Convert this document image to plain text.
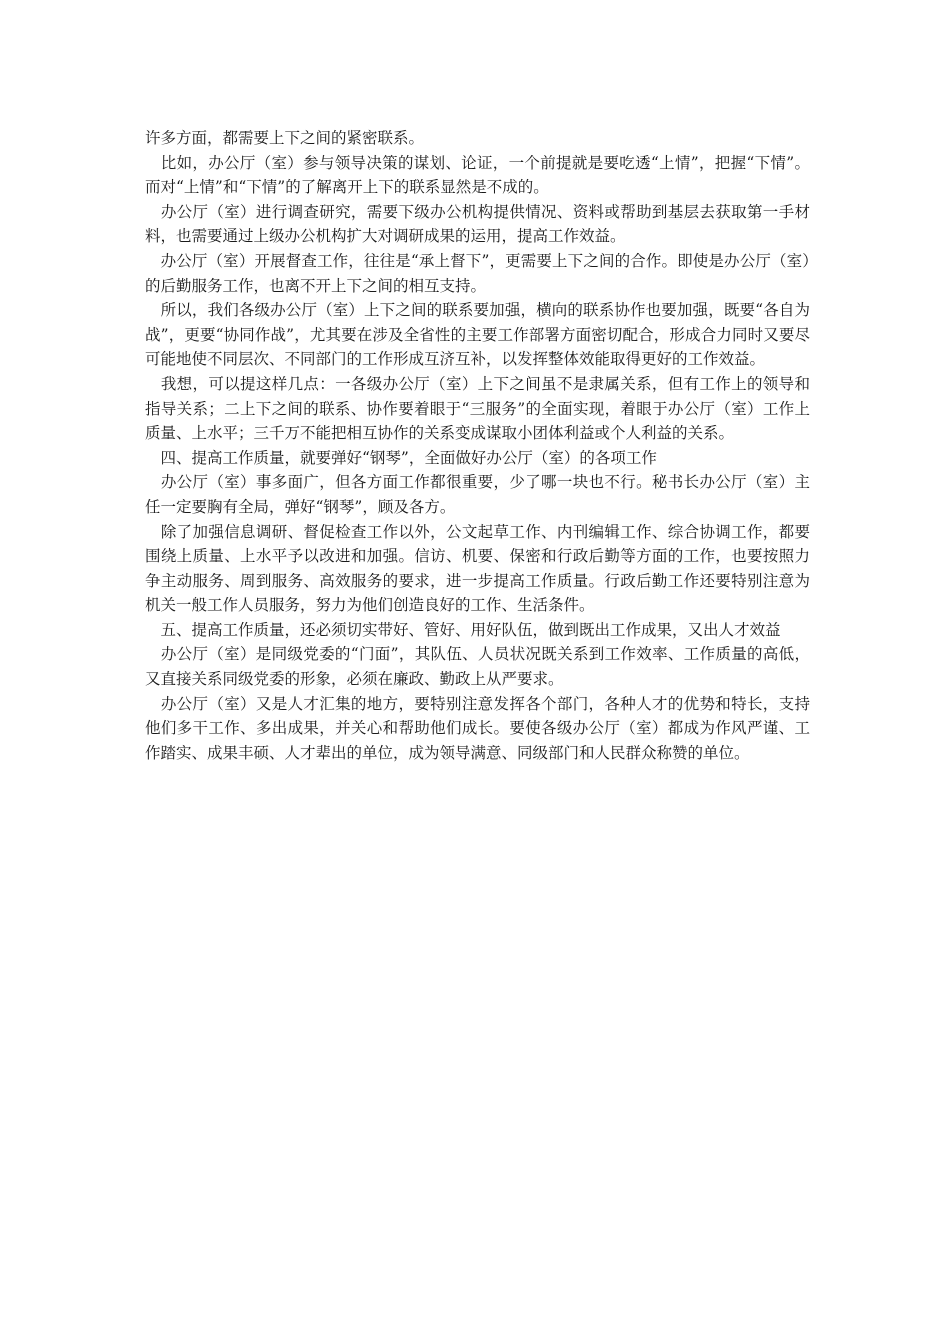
许多方面，都需要上下之间的紧密联系。

　比如，办公厅（室）参与领导决策的谋划、论证，一个前提就是要吃透“上情”，把握“下情”。而对“上情”和“下情”的了解离开上下的联系显然是不成的。

　办公厅（室）进行调查研究，需要下级办公机构提供情况、资料或帮助到基层去获取第一手材料，也需要通过上级办公机构扩大对调研成果的运用，提高工作效益。

　办公厅（室）开展督查工作，往往是“承上督下”，更需要上下之间的合作。即使是办公厅（室）的后勤服务工作，也离不开上下之间的相互支持。

　所以，我们各级办公厅（室）上下之间的联系要加强，横向的联系协作也要加强，既要“各自为战”，更要“协同作战”，尤其要在涉及全省性的主要工作部署方面密切配合，形成合力同时又要尽可能地使不同层次、不同部门的工作形成互济互补，以发挥整体效能取得更好的工作效益。

　我想，可以提这样几点：一各级办公厅（室）上下之间虽不是隶属关系，但有工作上的领导和指导关系；二上下之间的联系、协作要着眼于“三服务”的全面实现，着眼于办公厅（室）工作上质量、上水平；三千万不能把相互协作的关系变成谋取小团体利益或个人利益的关系。

　四、提高工作质量，就要弹好“钢琴”，全面做好办公厅（室）的各项工作

　办公厅（室）事多面广，但各方面工作都很重要，少了哪一块也不行。秘书长办公厅（室）主任一定要胸有全局，弹好“钢琴”，顾及各方。

　除了加强信息调研、督促检查工作以外，公文起草工作、内刊编辑工作、综合协调工作，都要围绕上质量、上水平予以改进和加强。信访、机要、保密和行政后勤等方面的工作，也要按照力争主动服务、周到服务、高效服务的要求，进一步提高工作质量。行政后勤工作还要特别注意为机关一般工作人员服务，努力为他们创造良好的工作、生活条件。

　五、提高工作质量，还必须切实带好、管好、用好队伍，做到既出工作成果，又出人才效益

　办公厅（室）是同级党委的“门面”，其队伍、人员状况既关系到工作效率、工作质量的高低，又直接关系同级党委的形象，必须在廉政、勤政上从严要求。

　办公厅（室）又是人才汇集的地方，要特别注意发挥各个部门，各种人才的优势和特长，支持他们多干工作、多出成果，并关心和帮助他们成长。要使各级办公厅（室）都成为作风严谨、工作踏实、成果丰硕、人才辈出的单位，成为领导满意、同级部门和人民群众称赞的单位。
